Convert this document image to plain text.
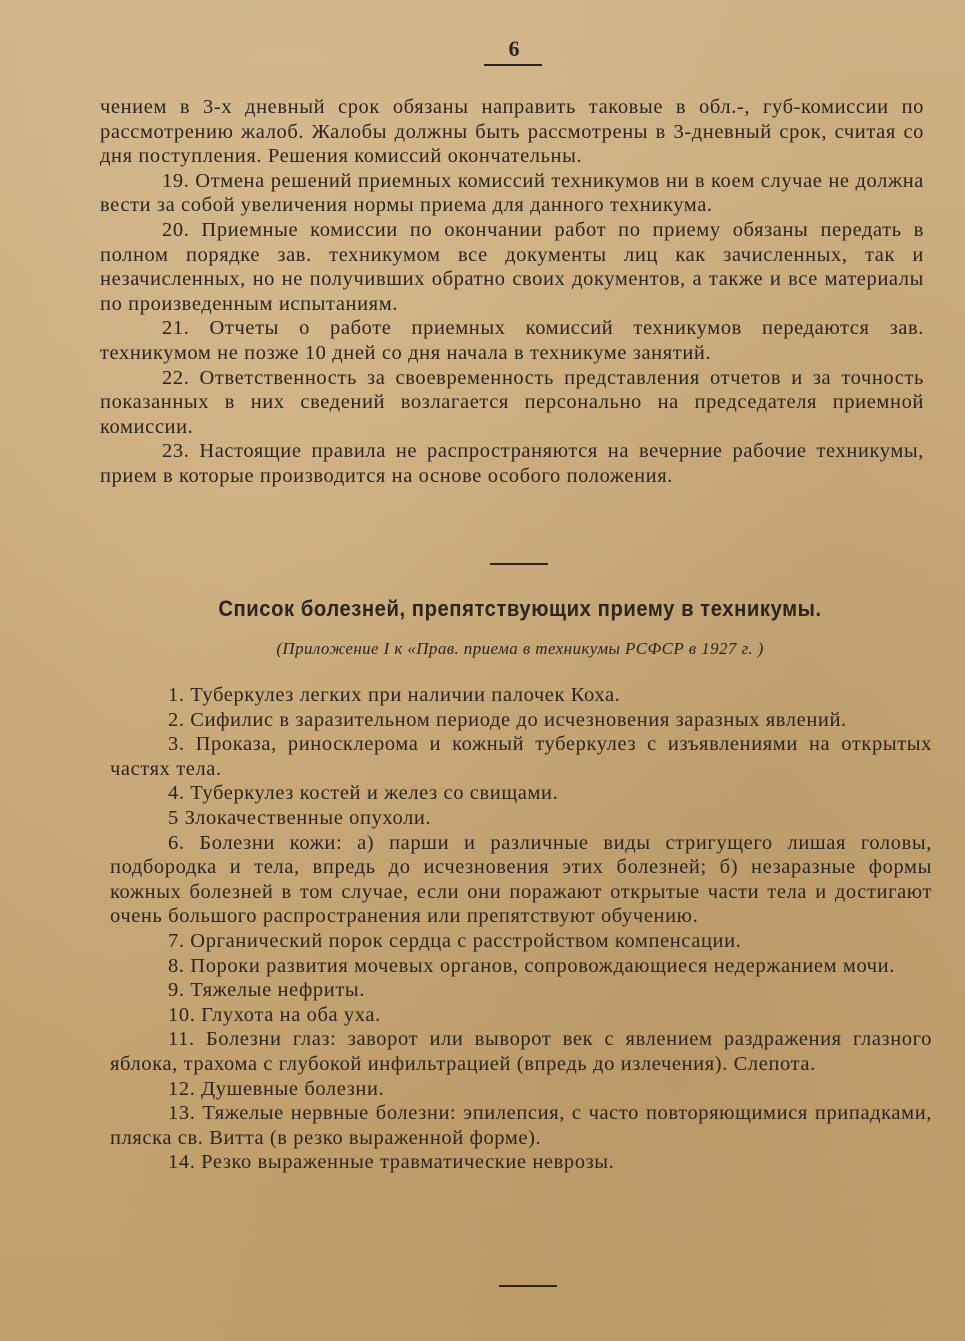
6

чением в 3-х дневный срок обязаны направить таковые в обл.-, губ-комиссии по рассмотрению жалоб. Жалобы должны быть рассмотрены в 3-дневный срок, считая со дня поступления. Решения комиссий окончательны.

19. Отмена решений приемных комиссий техникумов ни в коем случае не должна вести за собой увеличения нормы приема для данного техникума.

20. Приемные комиссии по окончании работ по приему обязаны передать в полном порядке зав. техникумом все документы лиц как зачисленных, так и незачисленных, но не получивших обратно своих документов, а также и все материалы по произведенным испытаниям.

21. Отчеты о работе приемных комиссий техникумов передаются зав. техникумом не позже 10 дней со дня начала в техникуме занятий.

22. Ответственность за своевременность представления отчетов и за точность показанных в них сведений возлагается персонально на председателя приемной комиссии.

23. Настоящие правила не распространяются на вечерние рабочие техникумы, прием в которые производится на основе особого положения.

Список болезней, препятствующих приему в техникумы.
(Приложение I к «Прав. приема в техникумы РСФСР в 1927 г. )

1. Туберкулез легких при наличии палочек Коха.

2. Сифилис в заразительном периоде до исчезновения заразных явлений.

3. Проказа, риносклерома и кожный туберкулез с изъявлениями на открытых частях тела.

4. Туберкулез костей и желез со свищами.

5 Злокачественные опухоли.

6. Болезни кожи: а) парши и различные виды стригущего лишая головы, подбородка и тела, впредь до исчезновения этих болезней; б) незаразные формы кожных болезней в том случае, если они поражают открытые части тела и достигают очень большого распространения или препятствуют обучению.

7. Органический порок сердца с расстройством компенсации.

8. Пороки развития мочевых органов, сопровождающиеся недержанием мочи.

9. Тяжелые нефриты.

10. Глухота на оба уха.

11. Болезни глаз: заворот или выворот век с явлением раздражения глазного яблока, трахома с глубокой инфильтрацией (впредь до излечения). Слепота.

12. Душевные болезни.

13. Тяжелые нервные болезни: эпилепсия, с часто повторяющимися припадками, пляска св. Витта (в резко выраженной форме).

14. Резко выраженные травматические неврозы.
